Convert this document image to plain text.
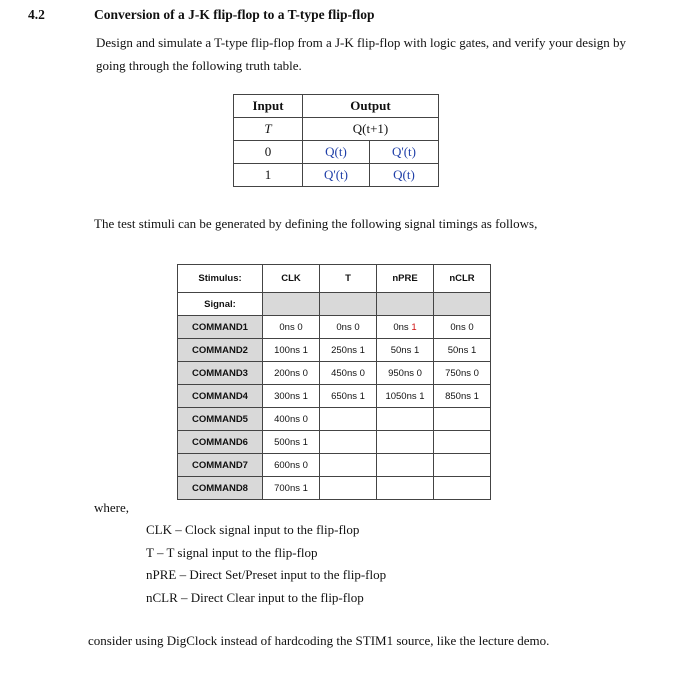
4.2	Conversion of a J-K flip-flop to a T-type flip-flop
Design and simulate a T-type flip-flop from a J-K flip-flop with logic gates, and verify your design by going through the following truth table.
Input	Output	
T	Q(t+1)	
0	Q(t)	Q'(t)
1	Q'(t)	Q(t)
The test stimuli can be generated by defining the following signal timings as follows,
Stimulus:	CLK	T	nPRE	nCLR
Signal:				
COMMAND1	0ns 0	0ns 0	0ns 1	0ns 0
COMMAND2	100ns 1	250ns 1	50ns 1	50ns 1
COMMAND3	200ns 0	450ns 0	950ns 0	750ns 0
COMMAND4	300ns 1	650ns 1	1050ns 1	850ns 1
COMMAND5	400ns 0			
COMMAND6	500ns 1			
COMMAND7	600ns 0			
COMMAND8	700ns 1			
where,
CLK – Clock signal input to the flip-flop
T – T signal input to the flip-flop
nPRE – Direct Set/Preset input to the flip-flop
nCLR – Direct Clear input to the flip-flop
consider using DigClock instead of hardcoding the STIM1 source, like the lecture demo.
